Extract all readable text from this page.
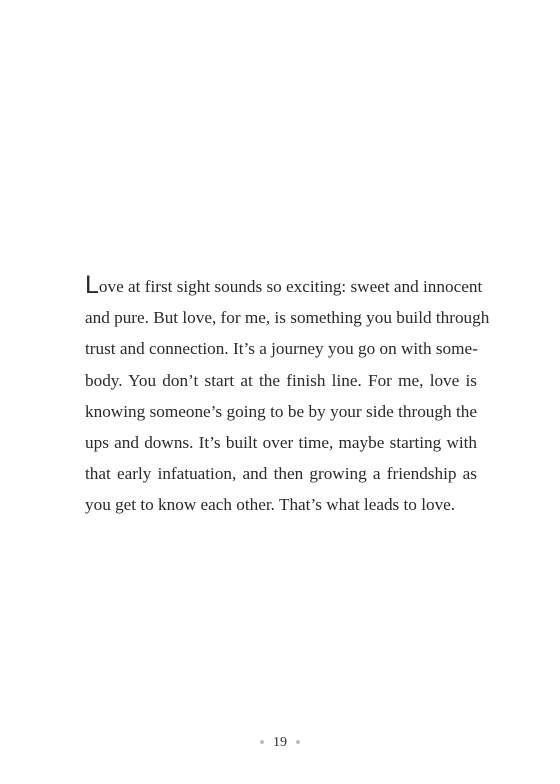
Love at first sight sounds so exciting: sweet and innocent
and pure. But love, for me, is something you build through
trust and connection. It’s a journey you go on with some-
body. You don’t start at the finish line. For me, love is
knowing someone’s going to be by your side through the
ups and downs. It’s built over time, maybe starting with
that early infatuation, and then growing a friendship as
you get to know each other. That’s what leads to love.

19
